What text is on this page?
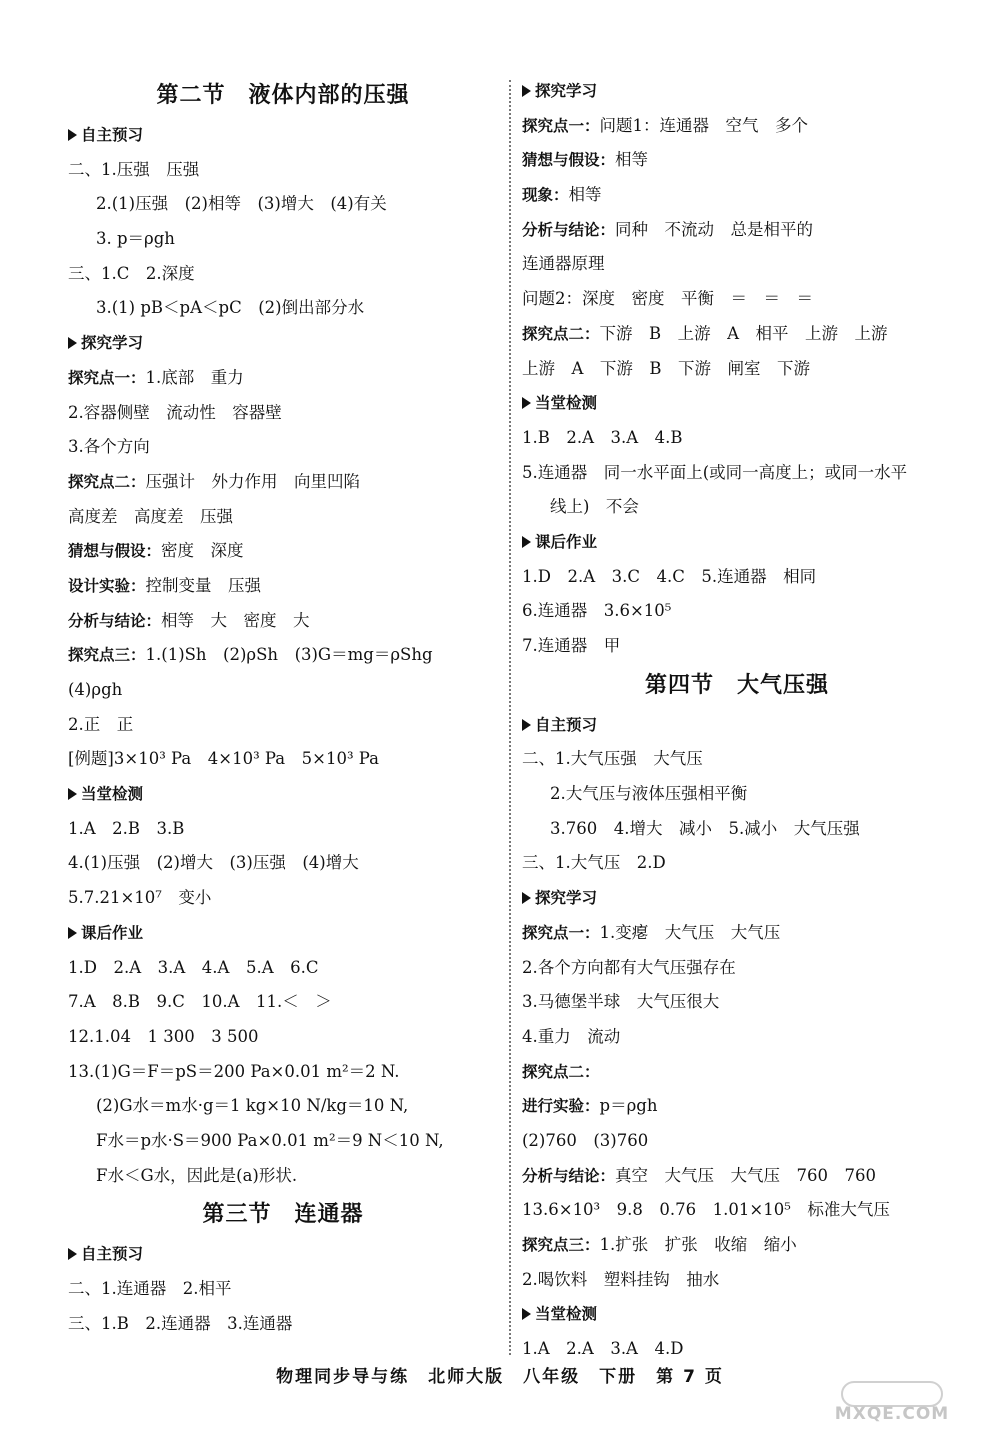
第二节　液体内部的压强
自主预习
二、1.压强　压强
2.(1)压强　(2)相等　(3)增大　(4)有关
3. p＝ρgh
三、1.C　2.深度
3.(1) pB＜pA＜pC　(2)倒出部分水
探究学习
探究点一：1.底部　重力
2.容器侧壁　流动性　容器壁
3.各个方向
探究点二：压强计　外力作用　向里凹陷
高度差　高度差　压强
猜想与假设：密度　深度
设计实验：控制变量　压强
分析与结论：相等　大　密度　大
探究点三：1.(1)Sh　(2)ρSh　(3)G＝mg＝ρShg
(4)ρgh
2.正　正
[例题]3×10³ Pa　4×10³ Pa　5×10³ Pa
当堂检测
1.A　2.B　3.B
4.(1)压强　(2)增大　(3)压强　(4)增大
5.7.21×10⁷　变小
课后作业
1.D　2.A　3.A　4.A　5.A　6.C
7.A　8.B　9.C　10.A　11.＜　＞
12.1.04　1 300　3 500
13.(1)G＝F＝pS＝200 Pa×0.01 m²＝2 N.
(2)G水＝m水·g＝1 kg×10 N/kg＝10 N,
F水＝p水·S＝900 Pa×0.01 m²＝9 N＜10 N,
F水＜G水，因此是(a)形状.
第三节　连通器
自主预习
二、1.连通器　2.相平
三、1.B　2.连通器　3.连通器
探究学习
探究点一：问题1：连通器　空气　多个
猜想与假设：相等
现象：相等
分析与结论：同种　不流动　总是相平的
连通器原理
问题2：深度　密度　平衡　＝　＝　＝
探究点二：下游　B　上游　A　相平　上游　上游
上游　A　下游　B　下游　闸室　下游
当堂检测
1.B　2.A　3.A　4.B
5.连通器　同一水平面上(或同一高度上；或同一水平
线上)　不会
课后作业
1.D　2.A　3.C　4.C　5.连通器　相同
6.连通器　3.6×10⁵
7.连通器　甲
第四节　大气压强
自主预习
二、1.大气压强　大气压
2.大气压与液体压强相平衡
3.760　4.增大　减小　5.减小　大气压强
三、1.大气压　2.D
探究学习
探究点一：1.变瘪　大气压　大气压
2.各个方向都有大气压强存在
3.马德堡半球　大气压很大
4.重力　流动
探究点二：
进行实验：p＝ρgh
(2)760　(3)760
分析与结论：真空　大气压　大气压　760　760
13.6×10³　9.8　0.76　1.01×10⁵　标准大气压
探究点三：1.扩张　扩张　收缩　缩小
2.喝饮料　塑料挂钩　抽水
当堂检测
1.A　2.A　3.A　4.D
物理同步导与练　北师大版　八年级　下册　第 7 页
MXQE.COM
